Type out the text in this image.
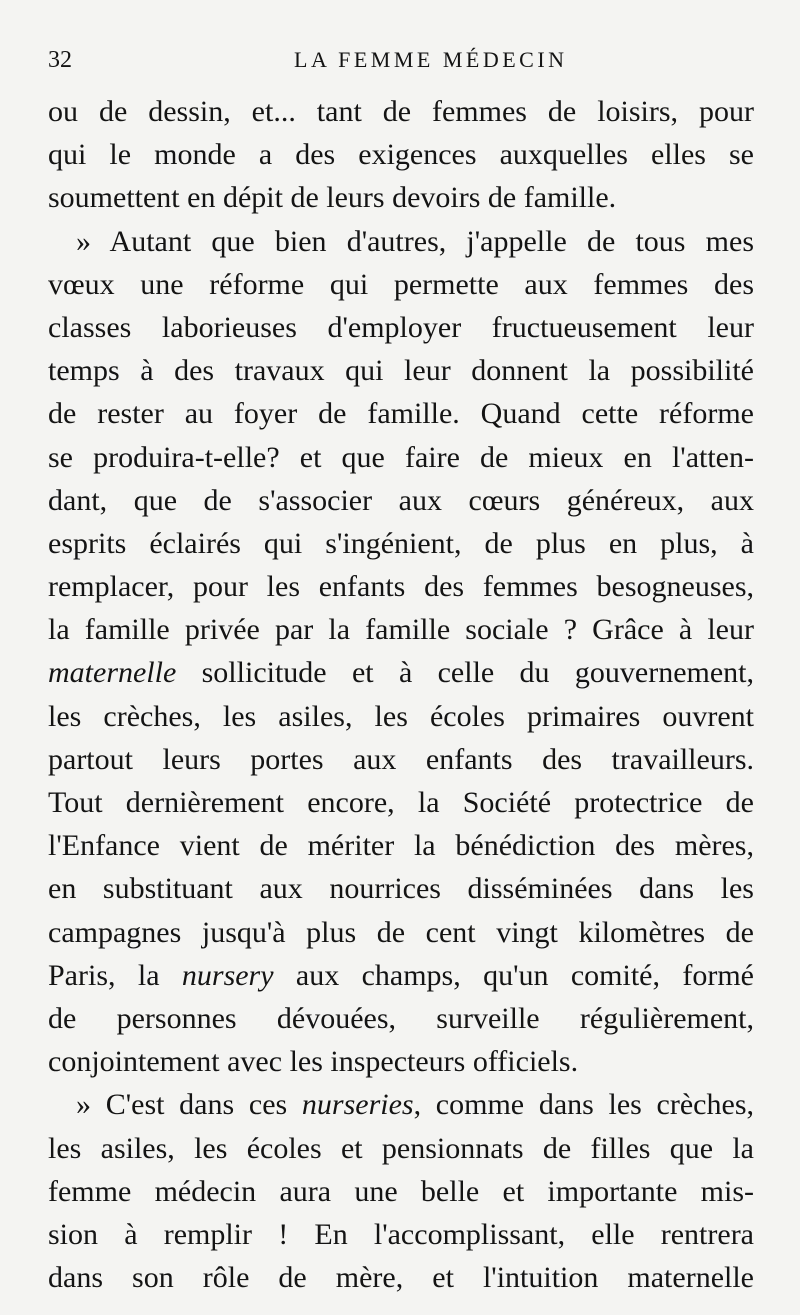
32	LA FEMME MÉDECIN
ou de dessin, et... tant de femmes de loisirs, pour
qui le monde a des exigences auxquelles elles se
soumettent en dépit de leurs devoirs de famille.
» Autant que bien d'autres, j'appelle de tous mes
vœux une réforme qui permette aux femmes des
classes laborieuses d'employer fructueusement leur
temps à des travaux qui leur donnent la possibilité
de rester au foyer de famille. Quand cette réforme
se produira-t-elle? et que faire de mieux en l'atten-
dant, que de s'associer aux cœurs généreux, aux
esprits éclairés qui s'ingénient, de plus en plus, à
remplacer, pour les enfants des femmes besogneuses,
la famille privée par la famille sociale ? Grâce à leur
maternelle sollicitude et à celle du gouvernement,
les crèches, les asiles, les écoles primaires ouvrent
partout leurs portes aux enfants des travailleurs.
Tout dernièrement encore, la Société protectrice de
l'Enfance vient de mériter la bénédiction des mères,
en substituant aux nourrices disséminées dans les
campagnes jusqu'à plus de cent vingt kilomètres de
Paris, la nursery aux champs, qu'un comité, formé
de personnes dévouées, surveille régulièrement,
conjointement avec les inspecteurs officiels.
» C'est dans ces nurseries, comme dans les crèches,
les asiles, les écoles et pensionnats de filles que la
femme médecin aura une belle et importante mis-
sion à remplir ! En l'accomplissant, elle rentrera
dans son rôle de mère, et l'intuition maternelle
